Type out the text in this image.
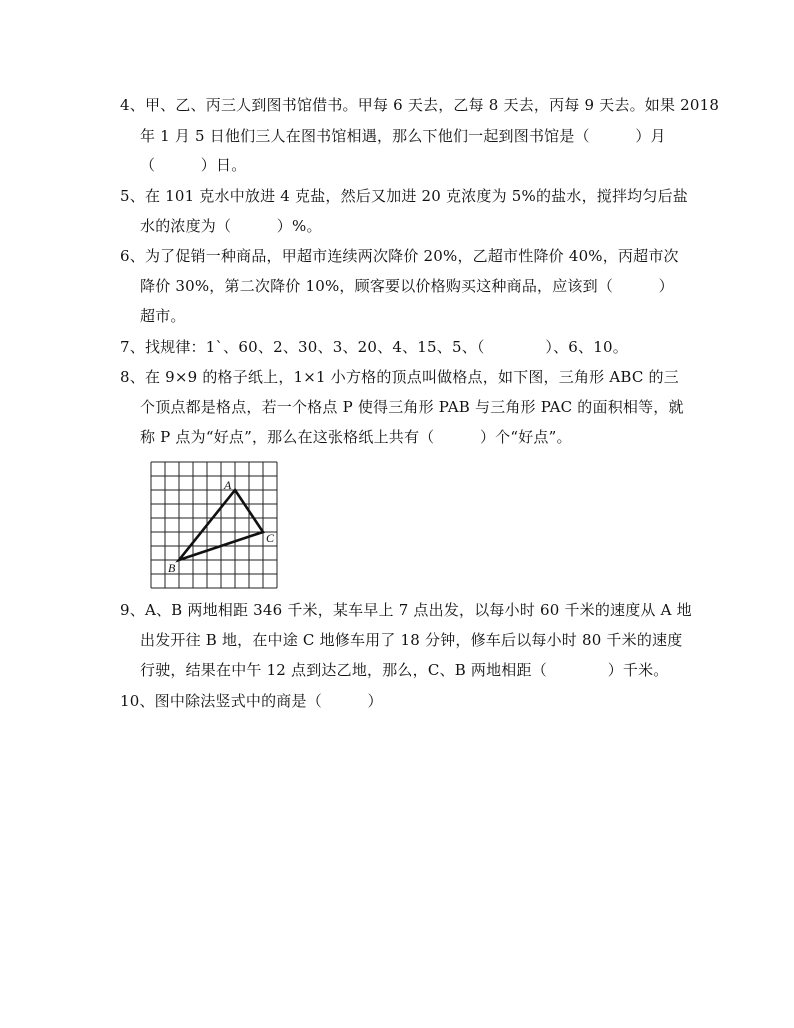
4、甲、乙、丙三人到图书馆借书。甲每 6 天去，乙每 8 天去，丙每 9 天去。如果 2018
年 1 月 5 日他们三人在图书馆相遇，那么下他们一起到图书馆是（　　　）月
（　　　）日。
5、在 101 克水中放进 4 克盐，然后又加进 20 克浓度为 5%的盐水，搅拌均匀后盐
水的浓度为（　　　）%。
6、为了促销一种商品，甲超市连续两次降价 20%，乙超市性降价 40%，丙超市次
降价 30%，第二次降价 10%，顾客要以价格购买这种商品，应该到（　　　）
超市。
7、找规律：1`、60、2、30、3、20、4、15、5、（　　　　）、6、10。
8、在 9×9 的格子纸上，1×1 小方格的顶点叫做格点，如下图，三角形 ABC 的三
个顶点都是格点，若一个格点 P 使得三角形 PAB 与三角形 PAC 的面积相等，就
称 P 点为“好点”，那么在这张格纸上共有（　　　）个“好点”。
A
B
C
9、A、B 两地相距 346 千米，某车早上 7 点出发，以每小时 60 千米的速度从 A 地
出发开往 B 地，在中途 C 地修车用了 18 分钟，修车后以每小时 80 千米的速度
行驶，结果在中午 12 点到达乙地，那么，C、B 两地相距（　　　　）千米。
10、图中除法竖式中的商是（　　　）
